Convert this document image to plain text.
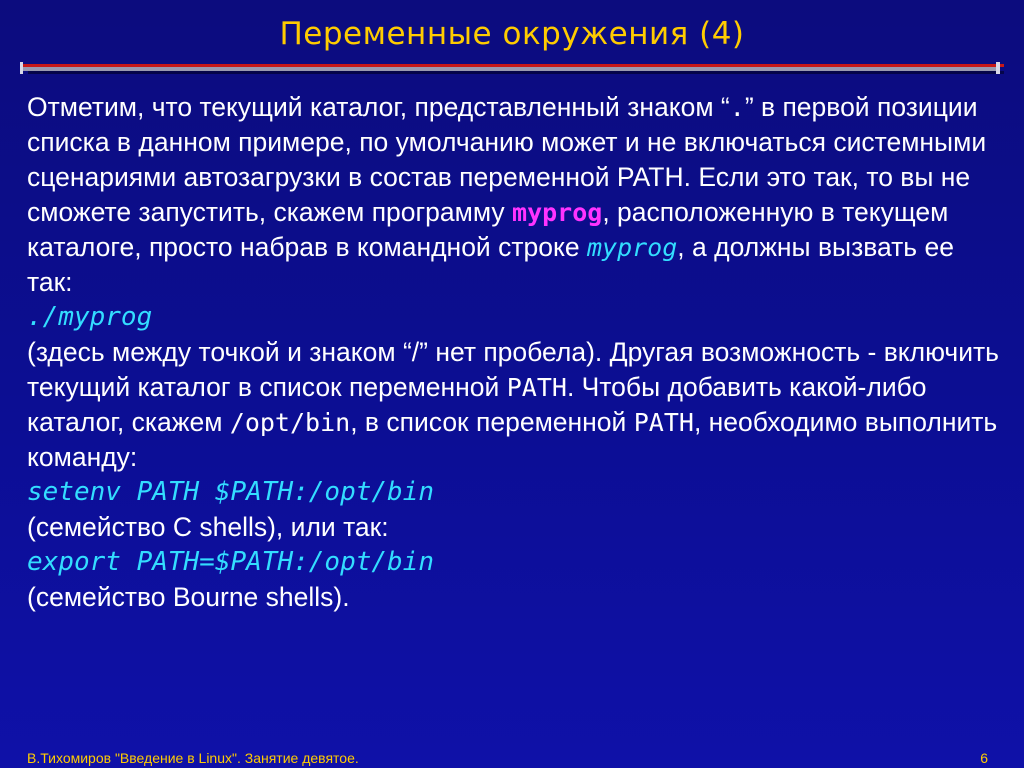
Переменные окружения (4)

Отметим, что текущий каталог, представленный знаком “.” в первой позиции списка в данном примере, по умолчанию может и не включаться системными сценариями автозагрузки в состав переменной PATH. Если это так, то вы не сможете запустить, скажем программу myprog, расположенную в текущем каталоге, просто набрав в командной строке myprog, а должны вызвать ее так:

./myprog

(здесь между точкой и знаком “/” нет пробела). Другая возможность - включить текущий каталог в список переменной PATH. Чтобы добавить какой-либо каталог, скажем /opt/bin, в список переменной PATH, необходимо выполнить команду:

setenv PATH $PATH:/opt/bin

(семейство C shells), или так:

export PATH=$PATH:/opt/bin

(семейство Bourne shells).

В.Тихомиров "Введение в Linux". Занятие девятое.	6
